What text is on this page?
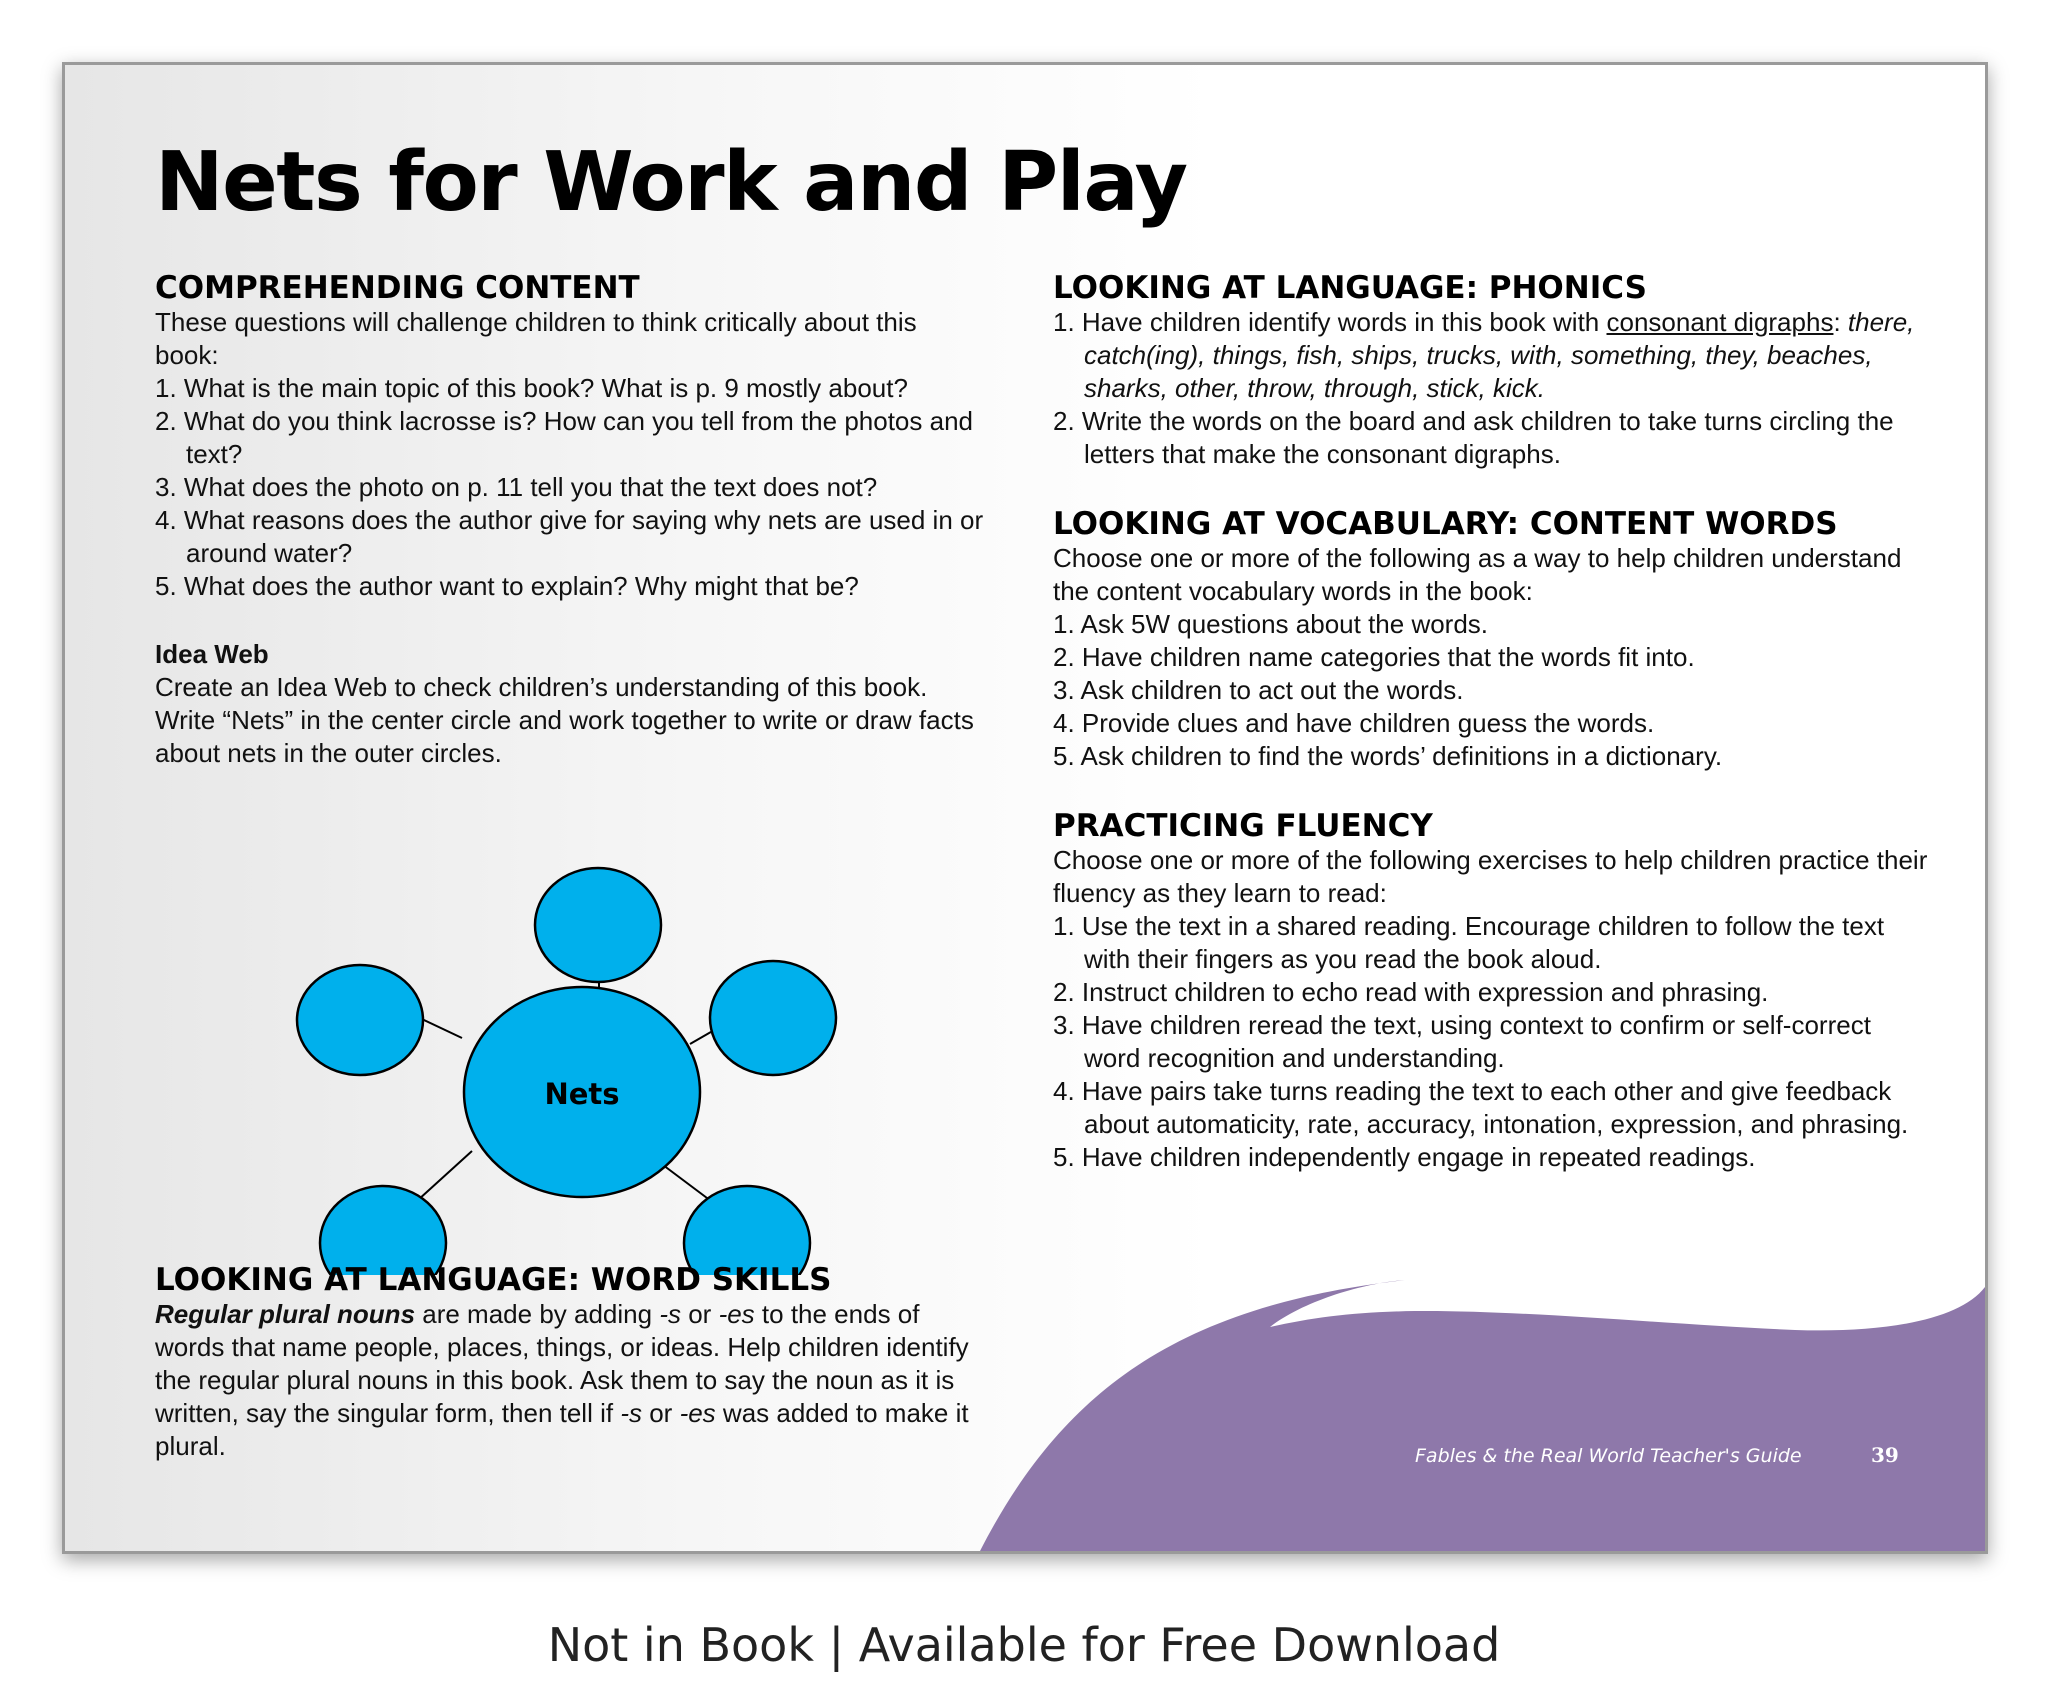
Nets for Work and Play
COMPREHENDING CONTENT

These questions will challenge children to think critically about this book:

1. What is the main topic of this book? What is p. 9 mostly about?
2. What do you think lacrosse is? How can you tell from the photos and text?
3. What does the photo on p. 11 tell you that the text does not?
4. What reasons does the author give for saying why nets are used in or around water?
5. What does the author want to explain? Why might that be?
Idea Web

Create an Idea Web to check children’s understanding of this book. Write “Nets” in the center circle and work together to write or draw facts about nets in the outer circles.

Nets
LOOKING AT LANGUAGE: WORD SKILLS

Regular plural nouns are made by adding -s or -es to the ends of words that name people, places, things, or ideas. Help children identify the regular plural nouns in this book. Ask them to say the noun as it is written, say the singular form, then tell if -s or -es was added to make it plural.

LOOKING AT LANGUAGE: PHONICS
1. Have children identify words in this book with consonant digraphs: there, catch(ing), things, fish, ships, trucks, with, something, they, beaches, sharks, other, throw, through, stick, kick.
2. Write the words on the board and ask children to take turns circling the letters that make the consonant digraphs.
LOOKING AT VOCABULARY: CONTENT WORDS

Choose one or more of the following as a way to help children understand the content vocabulary words in the book:

1. Ask 5W questions about the words.
2. Have children name categories that the words fit into.
3. Ask children to act out the words.
4. Provide clues and have children guess the words.
5. Ask children to find the words’ definitions in a dictionary.
PRACTICING FLUENCY

Choose one or more of the following exercises to help children practice their fluency as they learn to read:

1. Use the text in a shared reading. Encourage children to follow the text with their fingers as you read the book aloud.
2. Instruct children to echo read with expression and phrasing.
3. Have children reread the text, using context to confirm or self-correct word recognition and understanding.
4. Have pairs take turns reading the text to each other and give feedback about automaticity, rate, accuracy, intonation, expression, and phrasing.
5. Have children independently engage in repeated readings.
Fables & the Real World Teacher's Guide	39
Not in Book | Available for Free Download
